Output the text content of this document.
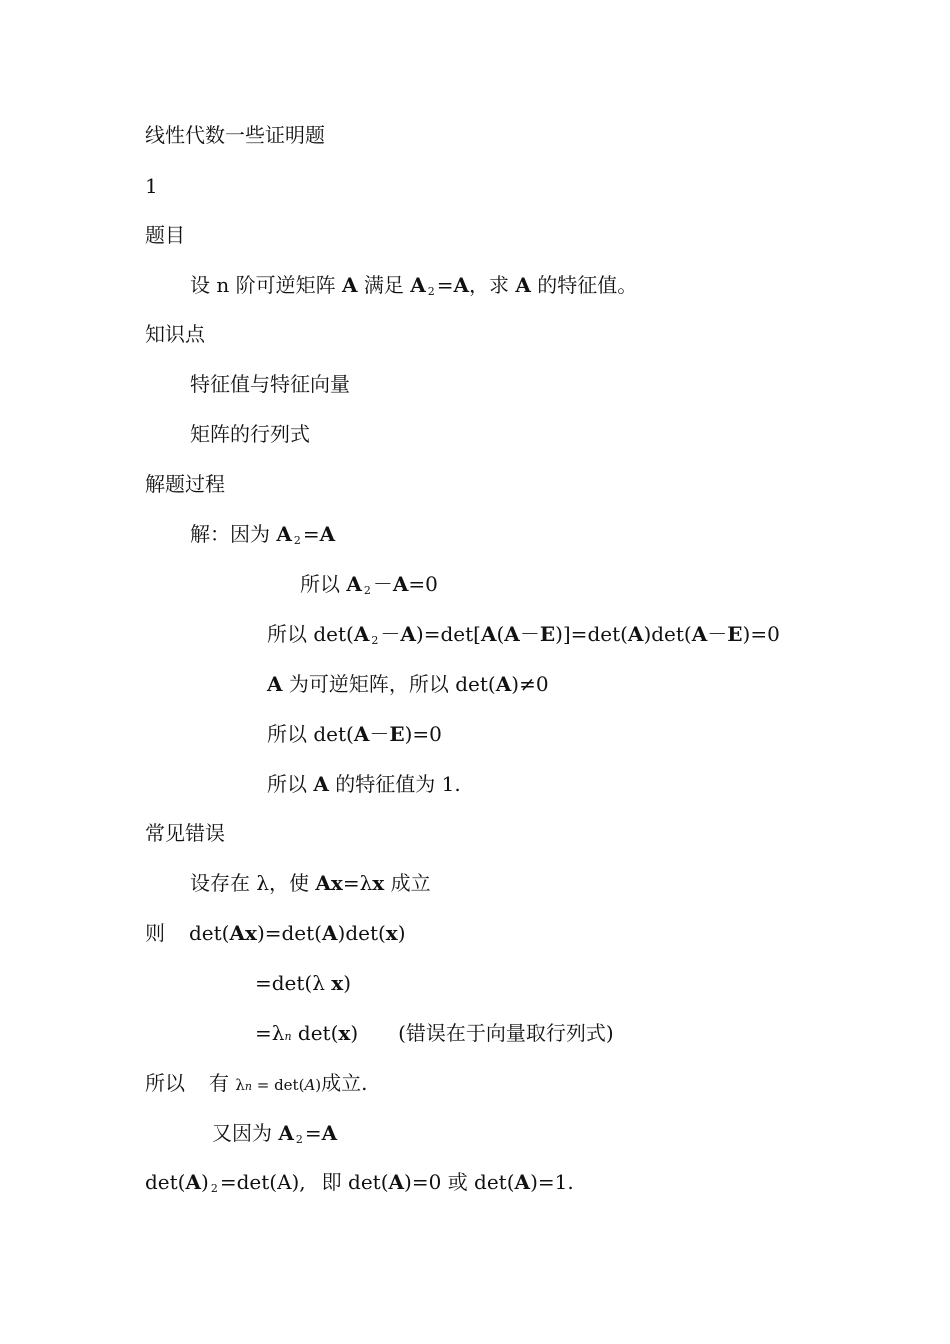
线性代数一些证明题
1
题目
设 n 阶可逆矩阵 A 满足 A 2 =A，求 A 的特征值。
知识点
特征值与特征向量
矩阵的行列式
解题过程
解：因为 A 2 =A
所以 A 2 －A=0
所以 det(A 2 －A)=det[A(A－E)]=det(A)det(A－E)=0
A 为可逆矩阵，所以 det(A)≠0
所以 det(A－E)=0
所以 A 的特征值为 1.
常见错误
设存在 λ，使 Ax=λx 成立
则 det(Ax)=det(A)det(x)
=det(λ x)
=λn det(x) (错误在于向量取行列式)
所以 有 λn = det(A)成立.
又因为 A 2 =A
det(A) 2 =det(A), 即 det(A)=0 或 det(A)=1.
